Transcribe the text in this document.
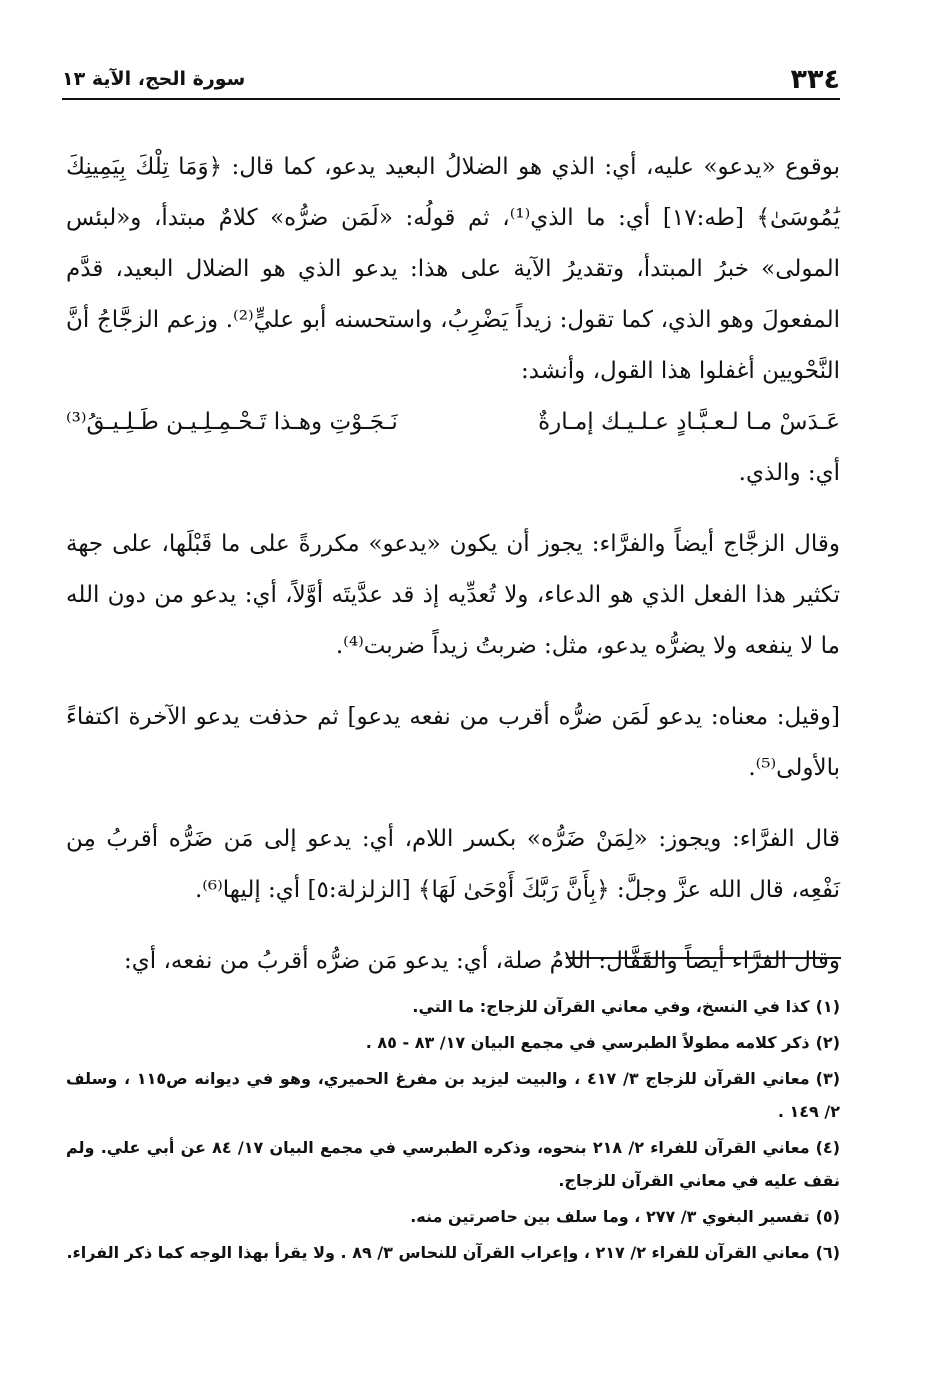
٣٣٤
سورة الحج، الآية ١٣

بوقوع «يدعو» عليه، أي: الذي هو الضلالُ البعيد يدعو، كما قال: ﴿وَمَا تِلْكَ بِيَمِينِكَ يَٰمُوسَىٰ﴾ [طه:١٧] أي: ما الذي⁽¹⁾، ثم قولُه: «لَمَن ضرُّه» كلامٌ مبتدأ، و«لبئس المولى» خبرُ المبتدأ، وتقديرُ الآية على هذا: يدعو الذي هو الضلال البعيد، قدَّم المفعولَ وهو الذي، كما تقول: زيداً يَضْرِبُ، واستحسنه أبو عليٍّ⁽²⁾. وزعم الزجَّاجُ أنَّ النَّحْويين أغفلوا هذا القول، وأنشد:

عَـدَسْ مـا لـعـبَّـادٍ عـلـيـك إمـارةٌ
نَـجَـوْتِ وهـذا تَـحْـمِـلِـيـن طَـلِـيـقُ⁽³⁾

أي: والذي.

وقال الزجَّاج أيضاً والفرَّاء: يجوز أن يكون «يدعو» مكررةً على ما قَبْلَها، على جهة تكثير هذا الفعل الذي هو الدعاء، ولا تُعدِّيه إذ قد عدَّيتَه أوَّلاً، أي: يدعو من دون الله ما لا ينفعه ولا يضرُّه يدعو، مثل: ضربتُ زيداً ضربت⁽⁴⁾.

[وقيل: معناه: يدعو لَمَن ضرُّه أقرب من نفعه يدعو] ثم حذفت يدعو الآخرة اكتفاءً بالأولى⁽⁵⁾.

قال الفرَّاء: ويجوز: «لِمَنْ ضَرُّه» بكسر اللام، أي: يدعو إلى مَن ضَرُّه أقربُ مِن نَفْعِه، قال الله عزَّ وجلَّ: ﴿بِأَنَّ رَبَّكَ أَوْحَىٰ لَهَا﴾ [الزلزلة:٥] أي: إليها⁽⁶⁾.

وقال الفرَّاء أيضاً والقَفَّال: اللامُ صلة، أي: يدعو مَن ضرُّه أقربُ من نفعه، أي:

(١)كذا في النسخ، وفي معاني القرآن للزجاج: ما التي.

(٢)ذكر كلامه مطولاً الطبرسي في مجمع البيان ١٧/ ٨٣ - ٨٥ .

(٣)معاني القرآن للزجاج ٣/ ٤١٧ ، والبيت ليزيد بن مفرغ الحميري، وهو في ديوانه ص١١٥ ، وسلف ٢/ ١٤٩ .

(٤)معاني القرآن للفراء ٢/ ٢١٨ بنحوه، وذكره الطبرسي في مجمع البيان ١٧/ ٨٤ عن أبي علي. ولم نقف عليه في معاني القرآن للزجاج.

(٥)تفسير البغوي ٣/ ٢٧٧ ، وما سلف بين حاصرتين منه.

(٦)معاني القرآن للفراء ٢/ ٢١٧ ، وإعراب القرآن للنحاس ٣/ ٨٩ . ولا يقرأ بهذا الوجه كما ذكر الفراء.
